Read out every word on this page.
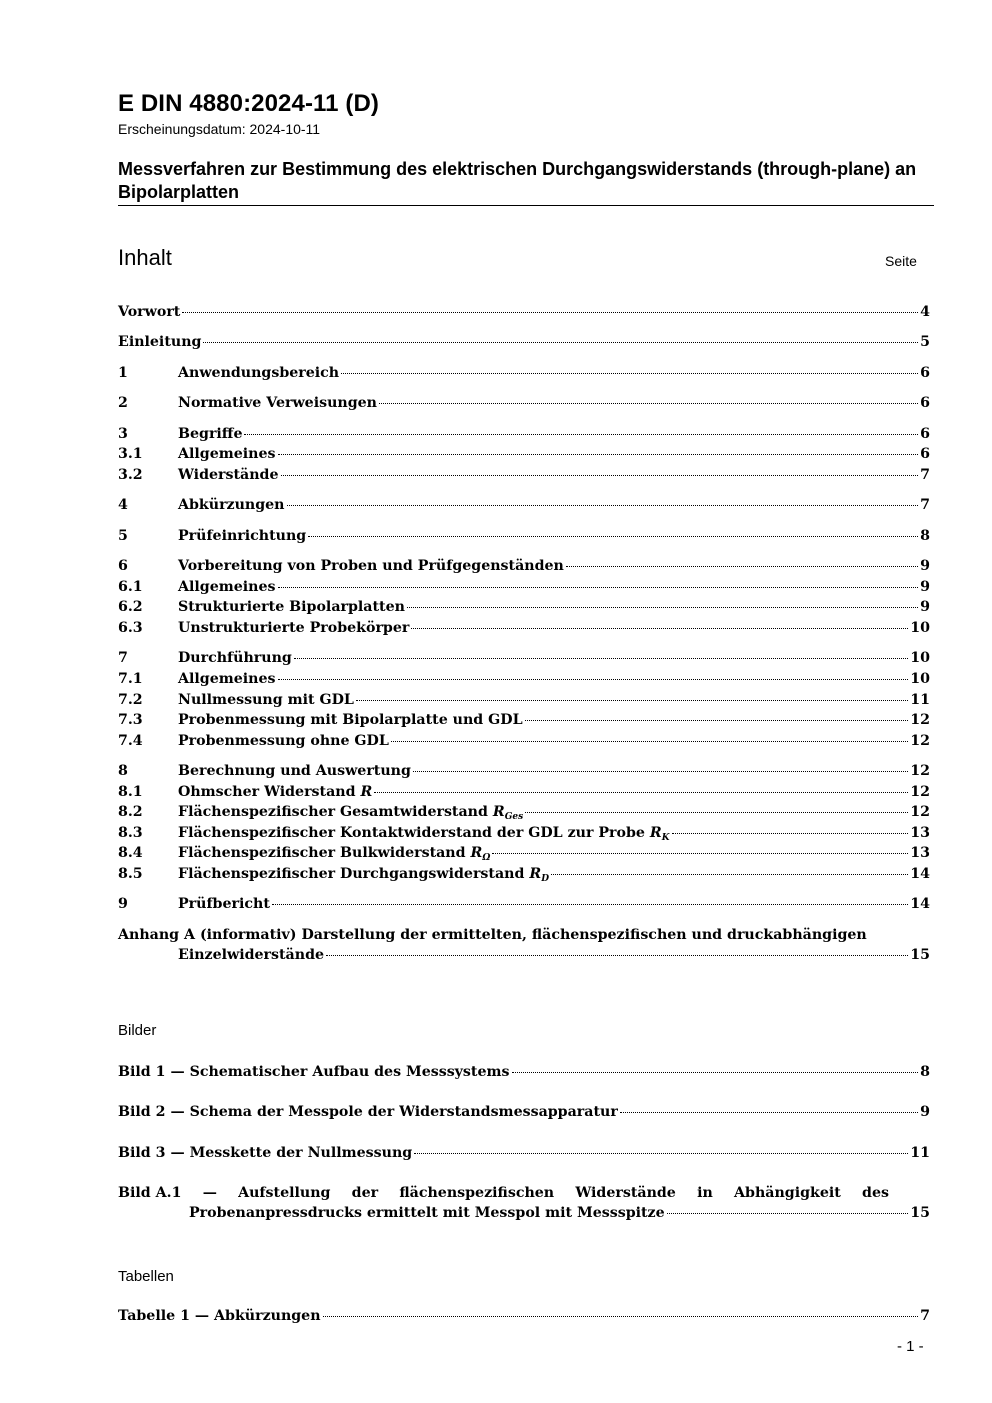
E DIN 4880:2024-11 (D)
Erscheinungsdatum: 2024-10-11
Messverfahren zur Bestimmung des elektrischen Durchgangswiderstands (through-plane) an Bipolarplatten
Inhalt	Seite
Vorwort	4
Einleitung	5
1	Anwendungsbereich	6
2	Normative Verweisungen	6
3	Begriffe	6
3.1 Allgemeines	6
3.2 Widerstände	7
4	Abkürzungen	7
5	Prüfeinrichtung	8
6	Vorbereitung von Proben und Prüfgegenständen	9
6.1 Allgemeines	9
6.2 Strukturierte Bipolarplatten	9
6.3 Unstrukturierte Probekörper	10
7	Durchführung	10
7.1 Allgemeines	10
7.2 Nullmessung mit GDL	11
7.3 Probenmessung mit Bipolarplatte und GDL	12
7.4 Probenmessung ohne GDL	12
8	Berechnung und Auswertung	12
8.1 Ohmscher Widerstand R	12
8.2 Flächenspezifischer Gesamtwiderstand $R_{Ges}$	12
8.3 Flächenspezifischer Kontaktwiderstand der GDL zur Probe $R_K$	13
8.4 Flächenspezifischer Bulkwiderstand $R_\Omega$	13
8.5 Flächenspezifischer Durchgangswiderstand $R_D$	14
9	Prüfbericht	14
Anhang A (informativ) Darstellung der ermittelten, flächenspezifischen und druckabhängigen
Einzelwiderstände	15
Bilder
Bild 1 — Schematischer Aufbau des Messsystems	8
Bild 2 — Schema der Messpole der Widerstandsmessapparatur	9
Bild 3 — Messkette der Nullmessung	11
Bild A.1 — Aufstellung der flächenspezifischen Widerstände in Abhängigkeit des
Probenanpressdrucks ermittelt mit Messpol mit Messspitze	15
Tabellen
Tabelle 1 — Abkürzungen	7
- 1 -
